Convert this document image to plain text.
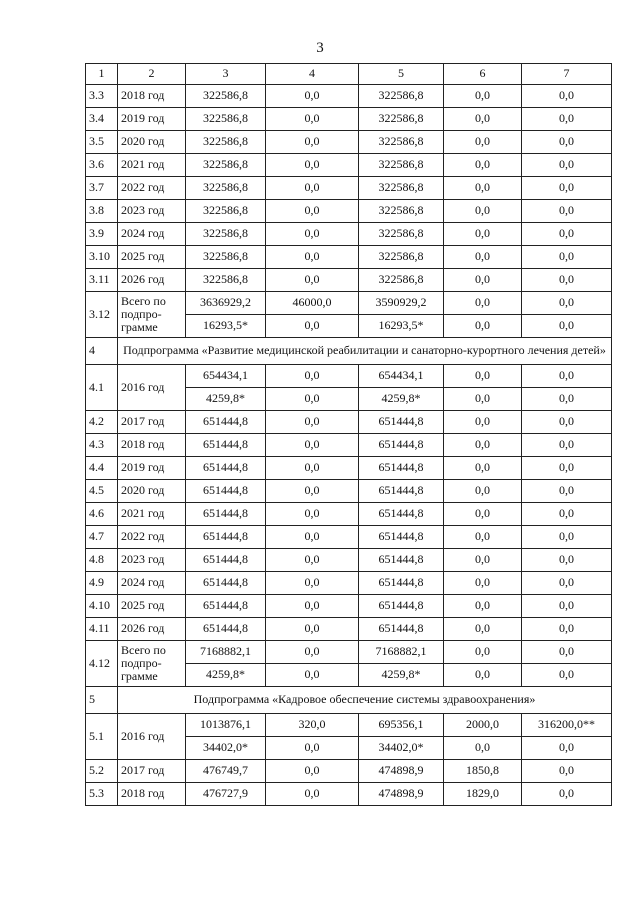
3
1	2	3	4	5	6	7
3.3	2018 год	322586,8	0,0	322586,8	0,0	0,0
3.4	2019 год	322586,8	0,0	322586,8	0,0	0,0
3.5	2020 год	322586,8	0,0	322586,8	0,0	0,0
3.6	2021 год	322586,8	0,0	322586,8	0,0	0,0
3.7	2022 год	322586,8	0,0	322586,8	0,0	0,0
3.8	2023 год	322586,8	0,0	322586,8	0,0	0,0
3.9	2024 год	322586,8	0,0	322586,8	0,0	0,0
3.10	2025 год	322586,8	0,0	322586,8	0,0	0,0
3.11	2026 год	322586,8	0,0	322586,8	0,0	0,0
3.12	Всего по подпро-грамме	3636929,2	46000,0	3590929,2	0,0	0,0
		16293,5*	0,0	16293,5*	0,0	0,0
4	Подпрограмма «Развитие медицинской реабилитации и санаторно-курортного лечения детей»					
4.1	2016 год	654434,1	0,0	654434,1	0,0	0,0
		4259,8*	0,0	4259,8*	0,0	0,0
4.2	2017 год	651444,8	0,0	651444,8	0,0	0,0
4.3	2018 год	651444,8	0,0	651444,8	0,0	0,0
4.4	2019 год	651444,8	0,0	651444,8	0,0	0,0
4.5	2020 год	651444,8	0,0	651444,8	0,0	0,0
4.6	2021 год	651444,8	0,0	651444,8	0,0	0,0
4.7	2022 год	651444,8	0,0	651444,8	0,0	0,0
4.8	2023 год	651444,8	0,0	651444,8	0,0	0,0
4.9	2024 год	651444,8	0,0	651444,8	0,0	0,0
4.10	2025 год	651444,8	0,0	651444,8	0,0	0,0
4.11	2026 год	651444,8	0,0	651444,8	0,0	0,0
4.12	Всего по подпро-грамме	7168882,1	0,0	7168882,1	0,0	0,0
		4259,8*	0,0	4259,8*	0,0	0,0
5	Подпрограмма «Кадровое обеспечение системы здравоохранения»					
5.1	2016 год	1013876,1	320,0	695356,1	2000,0	316200,0**
		34402,0*	0,0	34402,0*	0,0	0,0
5.2	2017 год	476749,7	0,0	474898,9	1850,8	0,0
5.3	2018 год	476727,9	0,0	474898,9	1829,0	0,0
